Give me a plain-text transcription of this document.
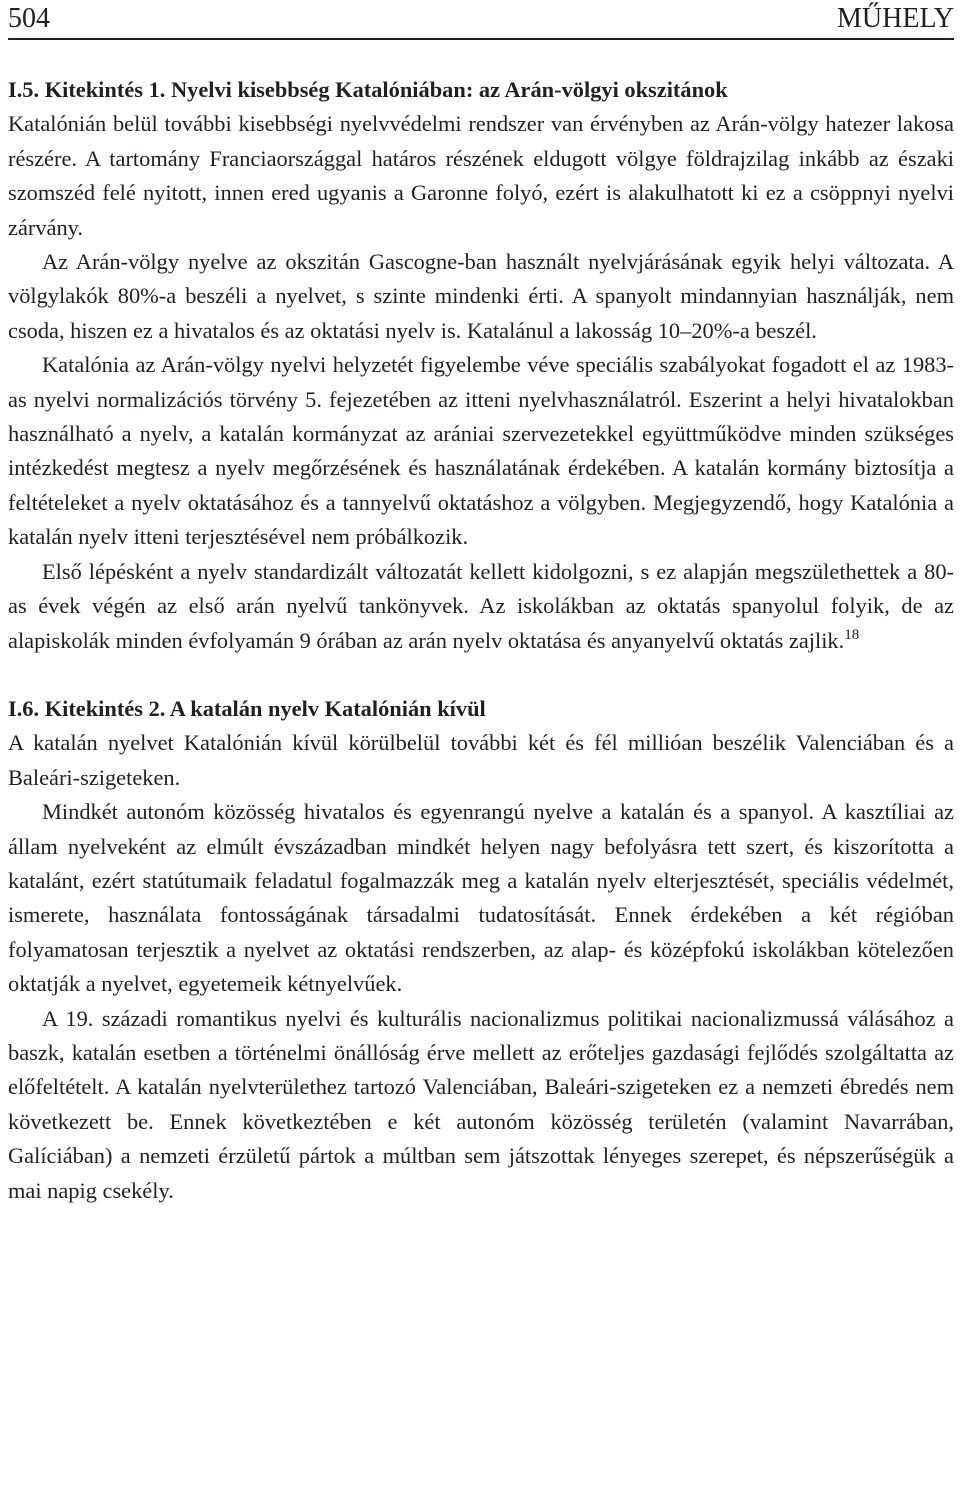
504	MŰHELY

I.5. Kitekintés 1. Nyelvi kisebbség Katalóniában: az Arán-völgyi okszitánok

Katalónián belül további kisebbségi nyelvvédelmi rendszer van érvényben az Arán-völgy hatezer lakosa részére. A tartomány Franciaországgal határos részének eldugott völgye földrajzilag inkább az északi szomszéd felé nyitott, innen ered ugyanis a Garonne folyó, ezért is alakulhatott ki ez a csöppnyi nyelvi zárvány.

Az Arán-völgy nyelve az okszitán Gascogne-ban használt nyelvjárásának egyik helyi változata. A völgylakók 80%-a beszéli a nyelvet, s szinte mindenki érti. A spanyolt mindannyian használják, nem csoda, hiszen ez a hivatalos és az oktatási nyelv is. Katalánul a lakosság 10–20%-a beszél.

Katalónia az Arán-völgy nyelvi helyzetét figyelembe véve speciális szabályokat fogadott el az 1983-as nyelvi normalizációs törvény 5. fejezetében az itteni nyelvhasználatról. Eszerint a helyi hivatalokban használható a nyelv, a katalán kormányzat az arániai szervezetekkel együttműködve minden szükséges intézkedést megtesz a nyelv megőrzésének és használatának érdekében. A katalán kormány biztosítja a feltételeket a nyelv oktatásához és a tannyelvű oktatáshoz a völgyben. Megjegyzendő, hogy Katalónia a katalán nyelv itteni terjesztésével nem próbálkozik.

Első lépésként a nyelv standardizált változatát kellett kidolgozni, s ez alapján megszülethettek a 80-as évek végén az első arán nyelvű tankönyvek. Az iskolákban az oktatás spanyolul folyik, de az alapiskolák minden évfolyamán 9 órában az arán nyelv oktatása és anyanyelvű oktatás zajlik.$^{18}$

I.6. Kitekintés 2. A katalán nyelv Katalónián kívül

A katalán nyelvet Katalónián kívül körülbelül további két és fél millióan beszélik Valenciában és a Baleári-szigeteken.

Mindkét autonóm közösség hivatalos és egyenrangú nyelve a katalán és a spanyol. A kasztíliai az állam nyelveként az elmúlt évszázadban mindkét helyen nagy befolyásra tett szert, és kiszorította a katalánt, ezért statútumaik feladatul fogalmazzák meg a katalán nyelv elterjesztését, speciális védelmét, ismerete, használata fontosságának társadalmi tudatosítását. Ennek érdekében a két régióban folyamatosan terjesztik a nyelvet az oktatási rendszerben, az alap- és középfokú iskolákban kötelezően oktatják a nyelvet, egyetemeik kétnyelvűek.

A 19. századi romantikus nyelvi és kulturális nacionalizmus politikai nacionalizmussá válásához a baszk, katalán esetben a történelmi önállóság érve mellett az erőteljes gazdasági fejlődés szolgáltatta az előfeltételt. A katalán nyelvterülethez tartozó Valenciában, Baleári-szigeteken ez a nemzeti ébredés nem következett be. Ennek következtében e két autonóm közösség területén (valamint Navarrában, Galíciában) a nemzeti érzületű pártok a múltban sem játszottak lényeges szerepet, és népszerűségük a mai napig csekély.
